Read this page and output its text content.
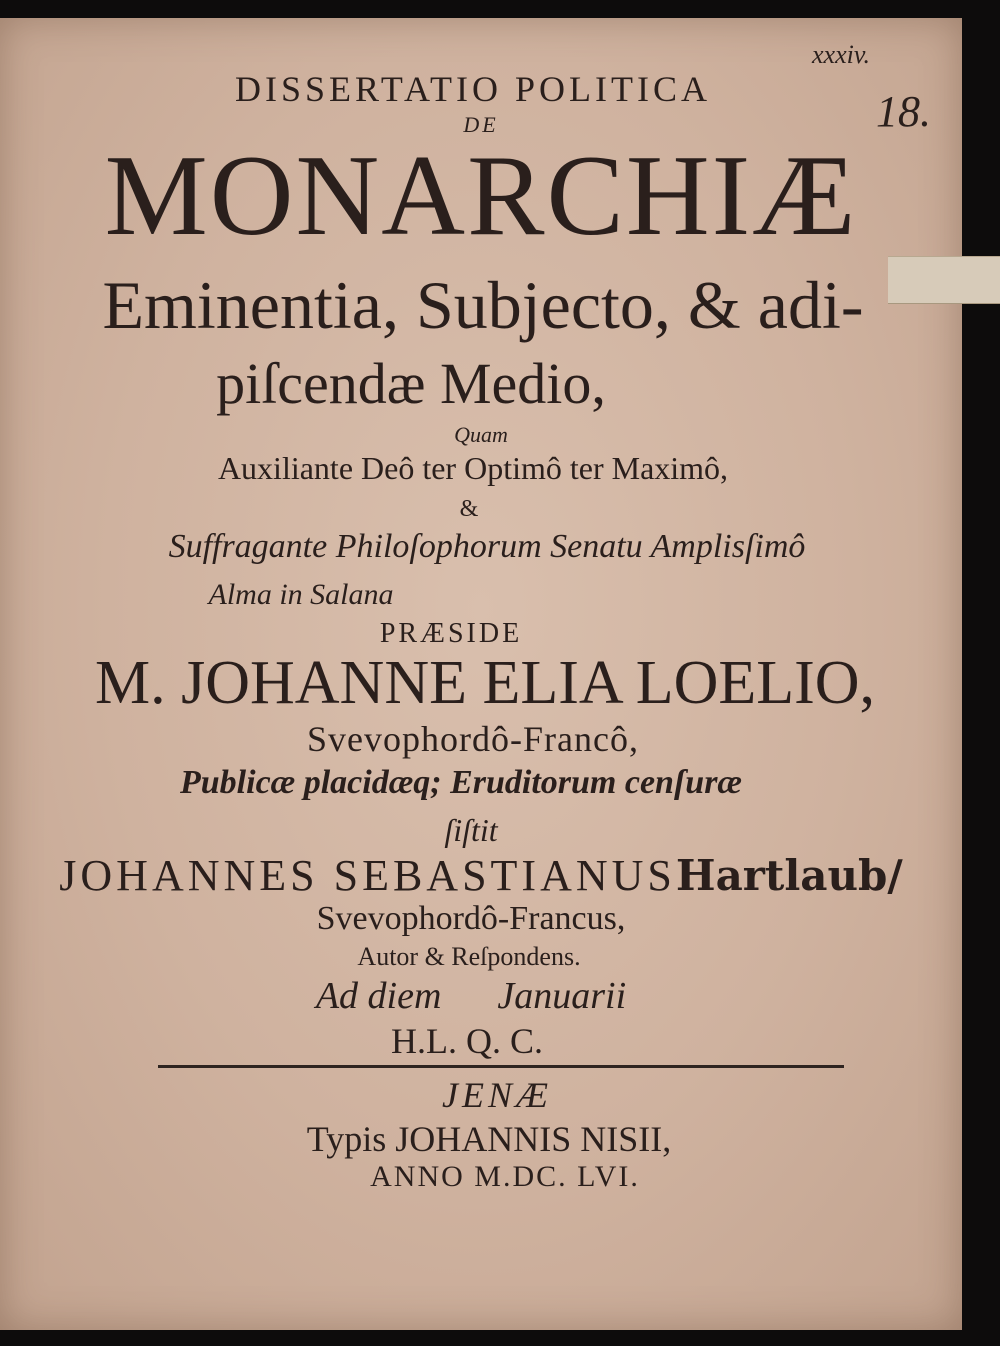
xxxiv.
18.
DISSERTATIO POLITICA
DE
MONARCHIÆ
Eminentia, Subjecto, & adi-
piſcendæ Medio,
Quam
Auxiliante Deô ter Optimô ter Maximô,
&
Suffragante Philoſophorum Senatu Amplisſimô
Alma in Salana
PRÆSIDE
M. JOHANNE ELIA LOELIO,
Svevophordô-Francô,
Publicæ placidæq; Eruditorum cenſuræ
ſiſtit
JOHANNES SEBASTIANUSHartlaub/
Svevophordô-Francus,
Autor & Reſpondens.
Ad diem Januarii
H.L. Q. C.
JENÆ
Typis JOHANNIS NISII,
ANNO M.DC. LVI.
